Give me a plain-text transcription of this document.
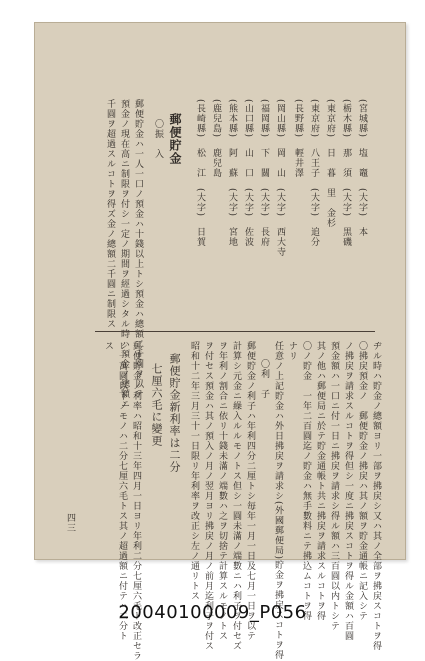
(宮城縣)　塩　竈　(大字)　本
(栃木縣)　那　須　(大字)　黒磯
(東京府)　日　暮　里　金杉
(東京府)　八王子　(大字)　追分
(長野縣)　輕井澤
(岡山縣)　岡　山　(大字)　西大寺
(福岡縣)　下　關　(大字)　長府
(山口縣)　山　口　(大字)　佐波
(熊本縣)　阿　蘇　(大字)　宮地
(鹿兒島)　鹿兒島
(長崎縣)　松　江　(大字)　日賀
郵便貯金
〇振　入
郵便貯金ハ一人一口ノ預金ハ十錢以上トシ預金ハ總額二千圓ヲ以テ
預金ノ現在高ニ制限ヲ付シ一定ノ期間ヲ經過シタル時ハ預金ノ總額ニ
千圓ヲ超過スルコトヲ得ズ金ノ總額二千圓ニ制限ス
ヂル時ハ貯金ノ總額ヨリ一部ヲ拂戻シ又ハ其ノ全部ヲ拂戻スコトヲ得
〇拂戻預金ノ　郵便貯金ノ拂戻ハ其ノ額ヲ貯金通帳ニ記入シテ
ノ拂戻ヲ請求スルコトヲ得但シ一度ニ拂戻スコトヲ得ル金額ハ百圓
預金額ハ一口ニ付一日ニ拂戻ヲ請求シ得ル額ハ三百圓以内トシテ
其ノ他ハ郵便局ニ於テ貯金通帳ト共ニ拂戻ヲ請求スルコトヲ得
〇ノ貯金　一年二百圓迄ノ貯金ハ無手數料ニテ拂込ムコトヲ得
ナリ
任意ノ上記貯金ハ外日拂戻ヲ請求シ(外國郵便局)貯金ヲ拂戻スコトヲ得
〇利　子
郵便貯金ノ利子ハ年利四分二厘トシ毎年一月一日及七月一日ヲ以テ
計算シ元金ニ繰入ルルモノトス但シ一圓未滿ノ端數ニハ利子ヲ付セズ
ヲ年利ノ割合ニ依リ十錢未滿ノ端數ハ之ヲ切捨テ計算スルモノトス
ヲ付セス預金ハ其ノ預入ノ月ノ翌月ヨリ拂戻ノ月ノ前月迄利子ヲ付ス
昭和十二年三月三十一日限リ年利率ヲ改正シ左ノ通リトス
郵便貯金新利率は二分
七厘六毛に變更
郵便貯金ノ利率ハ昭和十三年四月一日ヨリ年利二分七厘六毛ト改正セラ
レ一萬圓以下ノモノハ二分七厘六毛トス其ノ超過額ニ付テハ二分ト
ス
四三
20040100009_P056
